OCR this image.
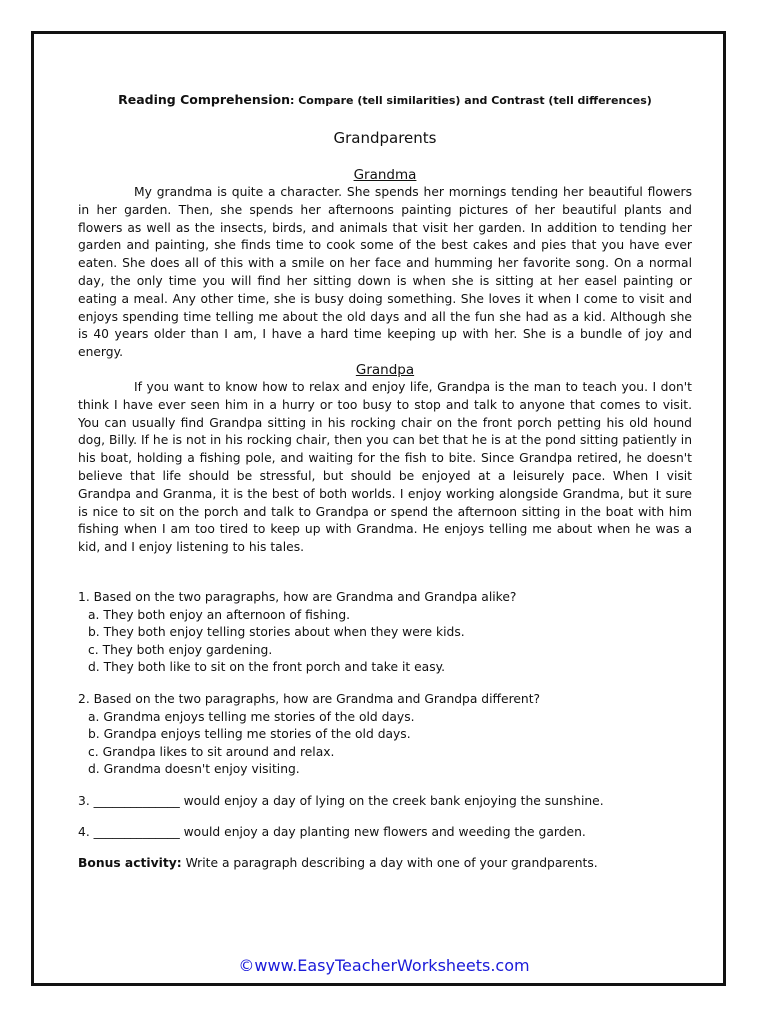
Reading Comprehension: Compare (tell similarities) and Contrast (tell differences)

Grandparents

Grandma

My grandma is quite a character. She spends her mornings tending her beautiful flowers in her garden. Then, she spends her afternoons painting pictures of her beautiful plants and flowers as well as the insects, birds, and animals that visit her garden. In addition to tending her garden and painting, she finds time to cook some of the best cakes and pies that you have ever eaten. She does all of this with a smile on her face and humming her favorite song. On a normal day, the only time you will find her sitting down is when she is sitting at her easel painting or eating a meal. Any other time, she is busy doing something. She loves it when I come to visit and enjoys spending time telling me about the old days and all the fun she had as a kid. Although she is 40 years older than I am, I have a hard time keeping up with her. She is a bundle of joy and energy.

Grandpa

If you want to know how to relax and enjoy life, Grandpa is the man to teach you. I don't think I have ever seen him in a hurry or too busy to stop and talk to anyone that comes to visit. You can usually find Grandpa sitting in his rocking chair on the front porch petting his old hound dog, Billy. If he is not in his rocking chair, then you can bet that he is at the pond sitting patiently in his boat, holding a fishing pole, and waiting for the fish to bite. Since Grandpa retired, he doesn't believe that life should be stressful, but should be enjoyed at a leisurely pace. When I visit Grandpa and Granma, it is the best of both worlds. I enjoy working alongside Grandma, but it sure is nice to sit on the porch and talk to Grandpa or spend the afternoon sitting in the boat with him fishing when I am too tired to keep up with Grandma. He enjoys telling me about when he was a kid, and I enjoy listening to his tales.

1. Based on the two paragraphs, how are Grandma and Grandpa alike?

a. They both enjoy an afternoon of fishing.

b. They both enjoy telling stories about when they were kids.

c. They both enjoy gardening.

d. They both like to sit on the front porch and take it easy.

2. Based on the two paragraphs, how are Grandma and Grandpa different?

a. Grandma enjoys telling me stories of the old days.

b. Grandpa enjoys telling me stories of the old days.

c. Grandpa likes to sit around and relax.

d. Grandma doesn't enjoy visiting.

3. ______________ would enjoy a day of lying on the creek bank enjoying the sunshine.

4. ______________ would enjoy a day planting new flowers and weeding the garden.

Bonus activity: Write a paragraph describing a day with one of your grandparents.

©www.EasyTeacherWorksheets.com
